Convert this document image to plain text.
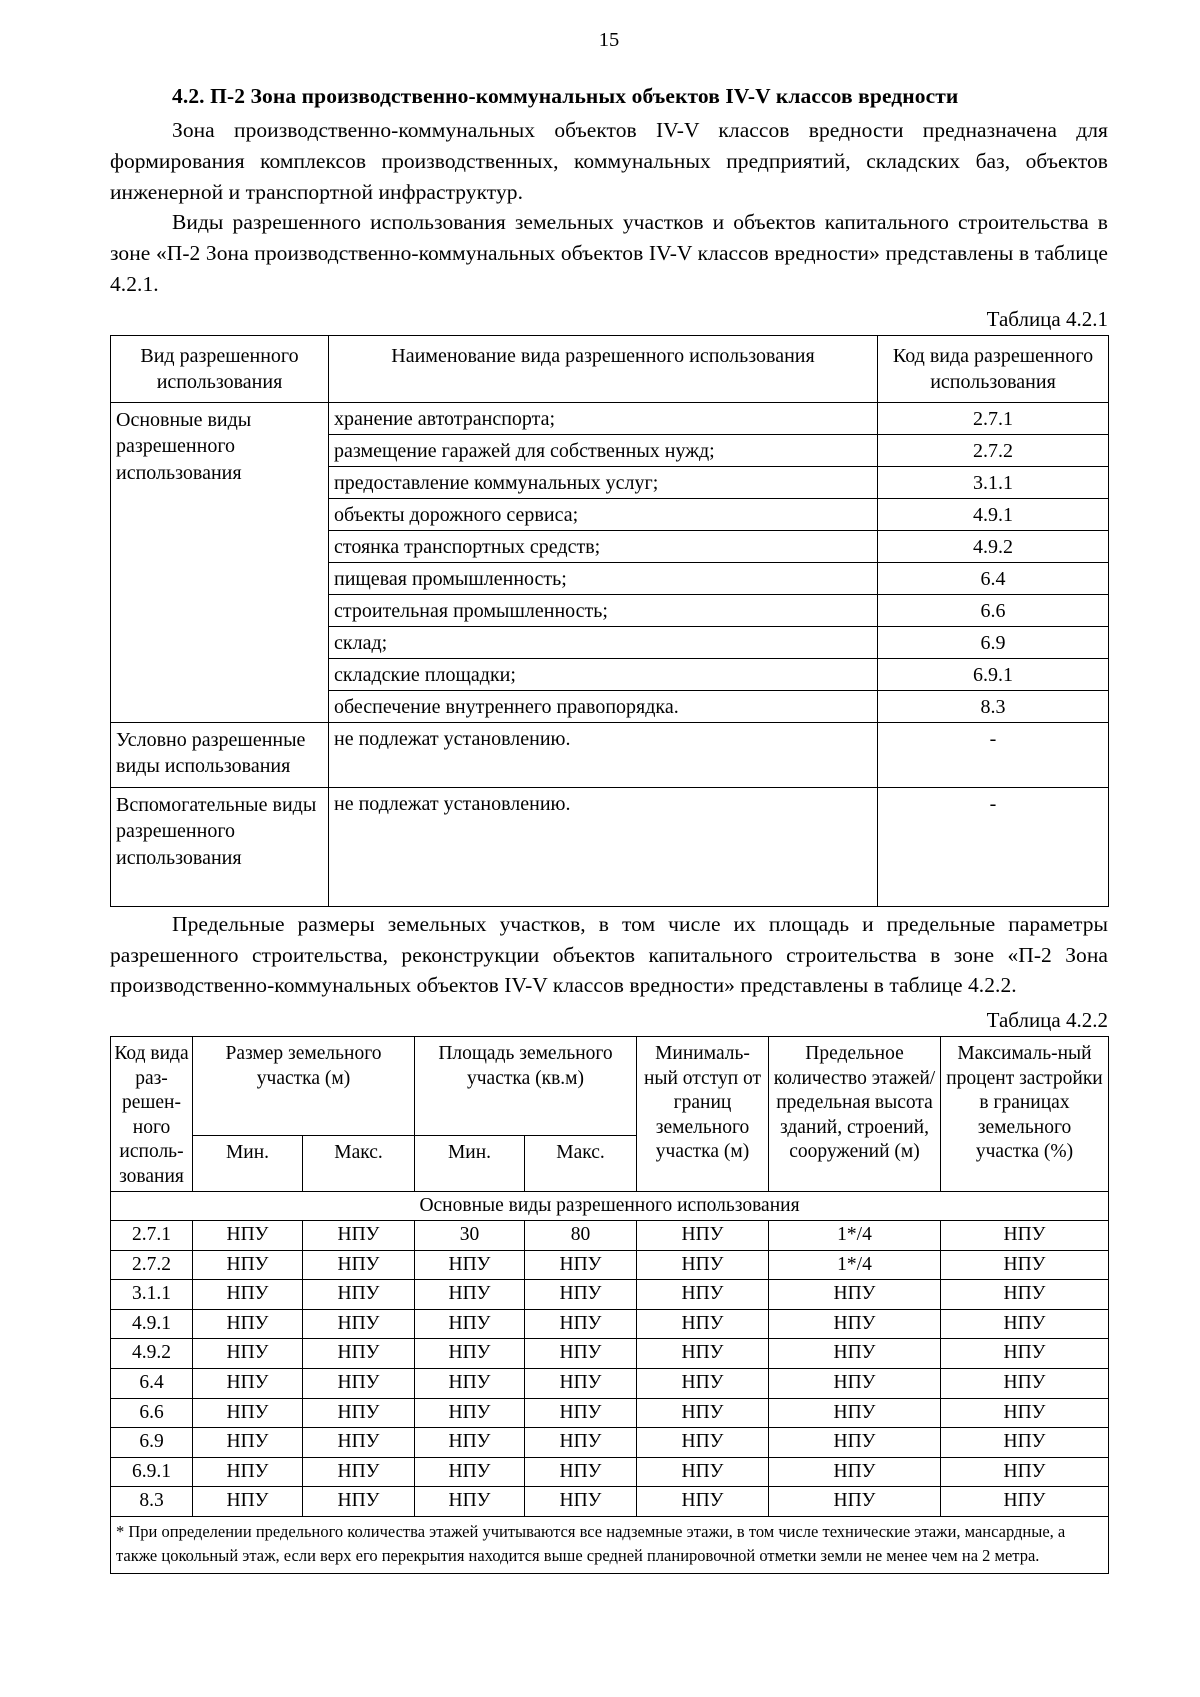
15
4.2. П-2 Зона производственно-коммунальных объектов IV-V классов вредности

Зона производственно-коммунальных объектов IV-V классов вредности предназначена для формирования комплексов производственных, коммунальных предприятий, складских баз, объектов инженерной и транспортной инфраструктур.

Виды разрешенного использования земельных участков и объектов капитального строительства в зоне «П-2 Зона производственно-коммунальных объектов IV-V классов вредности» представлены в таблице 4.2.1.

Таблица 4.2.1
Вид разрешенного использования	Наименование вида разрешенного использования	Код вида разрешенного использования
Основные виды разрешенного использования	хранение автотранспорта;	2.7.1
	размещение гаражей для собственных нужд;	2.7.2
	предоставление коммунальных услуг;	3.1.1
	объекты дорожного сервиса;	4.9.1
	стоянка транспортных средств;	4.9.2
	пищевая промышленность;	6.4
	строительная промышленность;	6.6
	склад;	6.9
	складские площадки;	6.9.1
	обеспечение внутреннего правопорядка.	8.3
Условно разрешенные виды использования	не подлежат установлению.	-
Вспомогательные виды разрешенного использования	не подлежат установлению.	-

Предельные размеры земельных участков, в том числе их площадь и предельные параметры разрешенного строительства, реконструкции объектов капитального строительства в зоне «П-2 Зона производственно-коммунальных объектов IV-V классов вредности» представлены в таблице 4.2.2.

Таблица 4.2.2
Код вида раз-решен-ного исполь-зования	Размер земельного участка (м)		Площадь земельного участка (кв.м)		Минималь-ный отступ от границ земельного участка (м)	Предельное количество этажей/ предельная высота зданий, строений, сооружений (м)	Максималь-ный процент застройки в границах земельного участка (%)
	Мин.	Макс.	Мин.	Макс.			
Основные виды разрешенного использования							
2.7.1	НПУ	НПУ	30	80	НПУ	1*/4	НПУ
2.7.2	НПУ	НПУ	НПУ	НПУ	НПУ	1*/4	НПУ
3.1.1	НПУ	НПУ	НПУ	НПУ	НПУ	НПУ	НПУ
4.9.1	НПУ	НПУ	НПУ	НПУ	НПУ	НПУ	НПУ
4.9.2	НПУ	НПУ	НПУ	НПУ	НПУ	НПУ	НПУ
6.4	НПУ	НПУ	НПУ	НПУ	НПУ	НПУ	НПУ
6.6	НПУ	НПУ	НПУ	НПУ	НПУ	НПУ	НПУ
6.9	НПУ	НПУ	НПУ	НПУ	НПУ	НПУ	НПУ
6.9.1	НПУ	НПУ	НПУ	НПУ	НПУ	НПУ	НПУ
8.3	НПУ	НПУ	НПУ	НПУ	НПУ	НПУ	НПУ
* При определении предельного количества этажей учитываются все надземные этажи, в том числе технические этажи, мансардные, а также цокольный этаж, если верх его перекрытия находится выше средней планировочной отметки земли не менее чем на 2 метра.							
